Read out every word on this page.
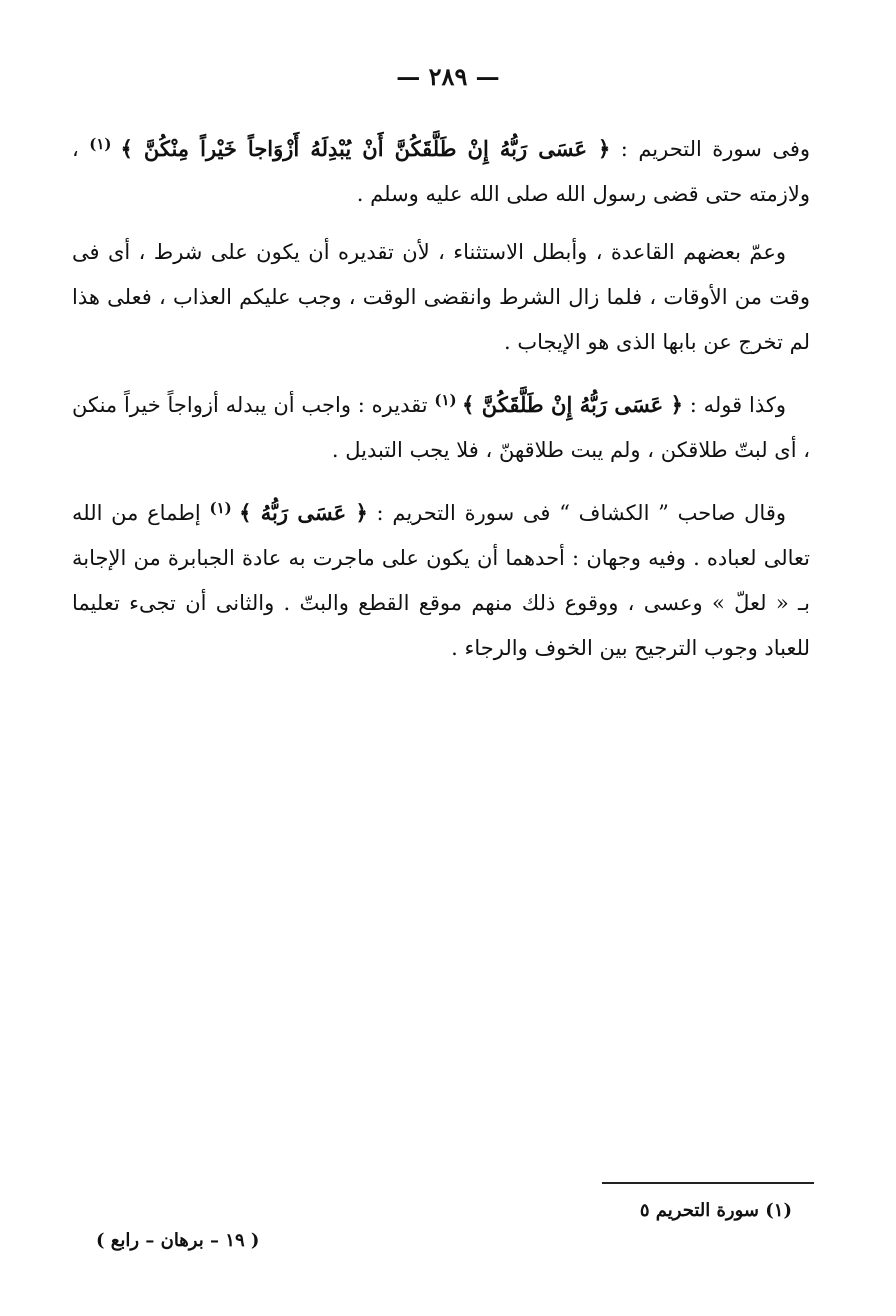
— ٢٨٩ —

وفى سورة التحريم : ﴿ عَسَى رَبُّهُ إِنْ طَلَّقَكُنَّ أَنْ يُبْدِلَهُ أَزْوَاجاً خَيْراً مِنْكُنَّ ﴾ $^{(١)}$ ، ولازمته حتى قضى رسول الله صلى الله عليه وسلم .

وعمّ بعضهم القاعدة ، وأبطل الاستثناء ، لأن تقديره أن يكون على شرط ، أى فى وقت من الأوقات ، فلما زال الشرط وانقضى الوقت ، وجب عليكم العذاب ، فعلى هذا لم تخرج عن بابها الذى هو الإيجاب .

وكذا قوله : ﴿ عَسَى رَبُّهُ إِنْ طَلَّقَكُنَّ ﴾ $^{(١)}$ تقديره : واجب أن يبدله أزواجاً خيراً منكن ، أى لبتّ طلاقكن ، ولم يبت طلاقهنّ ، فلا يجب التبديل .

وقال صاحب ” الكشاف “ فى سورة التحريم : ﴿ عَسَى رَبُّهُ ﴾ $^{(١)}$ إطماع من الله تعالى لعباده . وفيه وجهان : أحدهما أن يكون على ماجرت به عادة الجبابرة من الإجابة بـ « لعلّ » وعسى ، ووقوع ذلك منهم موقع القطع والبتّ . والثانى أن تجىء تعليما للعباد وجوب الترجيح بين الخوف والرجاء .

(١) سورة التحريم ٥
( ١٩ – برهان – رابع )
